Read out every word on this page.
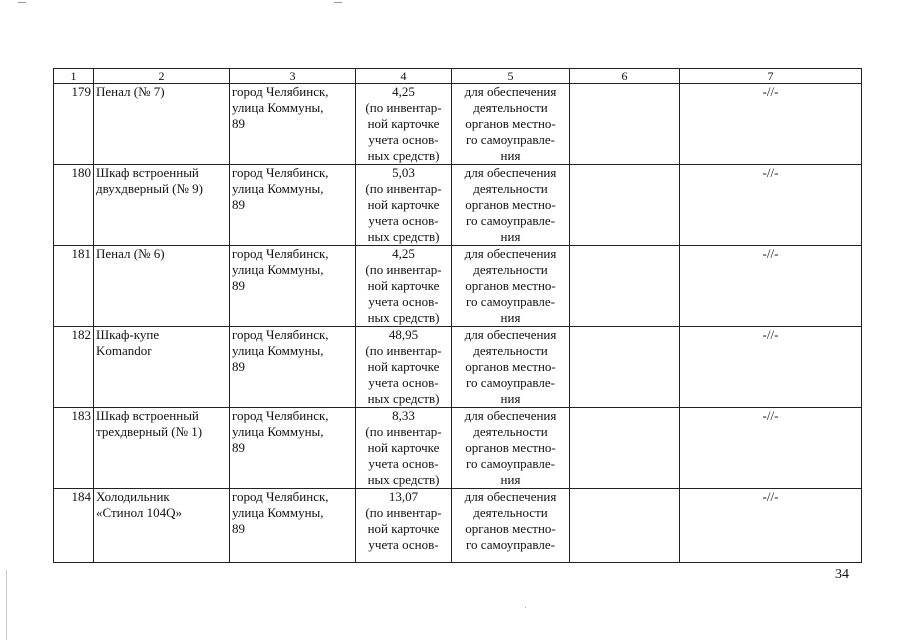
1	2	3	4	5	6	7

179	Пенал (№ 7)	город Челябинск,
улица Коммуны,
89	4,25
(по инвентар-
ной карточке
учета основ-
ных средств)	для обеспечения
деятельности
органов местно-
го самоуправле-
ния		-//-

180	Шкаф встроенный
двухдверный (№ 9)	город Челябинск,
улица Коммуны,
89	5,03
(по инвентар-
ной карточке
учета основ-
ных средств)	для обеспечения
деятельности
органов местно-
го самоуправле-
ния		-//-

181	Пенал (№ 6)	город Челябинск,
улица Коммуны,
89	4,25
(по инвентар-
ной карточке
учета основ-
ных средств)	для обеспечения
деятельности
органов местно-
го самоуправле-
ния		-//-

182	Шкаф-купе
Komandor	город Челябинск,
улица Коммуны,
89	48,95
(по инвентар-
ной карточке
учета основ-
ных средств)	для обеспечения
деятельности
органов местно-
го самоуправле-
ния		-//-

183	Шкаф встроенный
трехдверный (№ 1)	город Челябинск,
улица Коммуны,
89	8,33
(по инвентар-
ной карточке
учета основ-
ных средств)	для обеспечения
деятельности
органов местно-
го самоуправле-
ния		-//-

184	Холодильник
«Стинол 104Q»	город Челябинск,
улица Коммуны,
89	13,07
(по инвентар-
ной карточке
учета основ-	для обеспечения
деятельности
органов местно-
го самоуправле-		-//-
34
